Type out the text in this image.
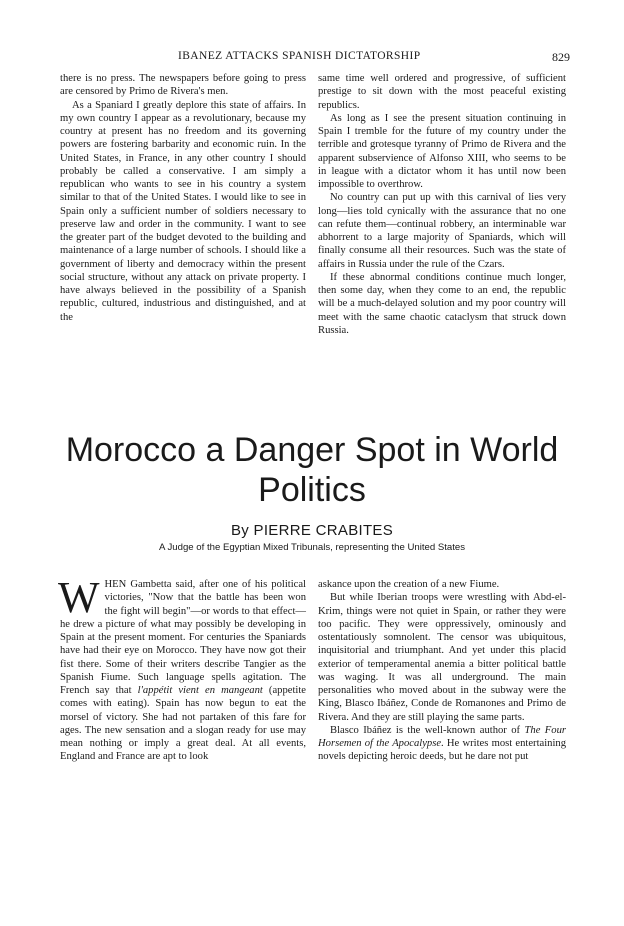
IBANEZ ATTACKS SPANISH DICTATORSHIP	829

there is no press. The newspapers before going to press are censored by Primo de Rivera's men.

As a Spaniard I greatly deplore this state of affairs. In my own country I appear as a revolutionary, because my country at present has no freedom and its governing powers are fostering barbarity and economic ruin. In the United States, in France, in any other country I should probably be called a conservative. I am simply a republican who wants to see in his country a system similar to that of the United States. I would like to see in Spain only a sufficient number of soldiers necessary to preserve law and order in the community. I want to see the greater part of the budget devoted to the building and maintenance of a large number of schools. I should like a government of liberty and democracy within the present social structure, without any attack on private property. I have always believed in the possibility of a Spanish republic, cultured, industrious and distinguished, and at the

same time well ordered and progressive, of sufficient prestige to sit down with the most peaceful existing republics.

As long as I see the present situation continuing in Spain I tremble for the future of my country under the terrible and grotesque tyranny of Primo de Rivera and the apparent subservience of Alfonso XIII, who seems to be in league with a dictator whom it has until now been impossible to overthrow.

No country can put up with this carnival of lies very long—lies told cynically with the assurance that no one can refute them—continual robbery, an interminable war abhorrent to a large majority of Spaniards, which will finally consume all their resources. Such was the state of affairs in Russia under the rule of the Czars.

If these abnormal conditions continue much longer, then some day, when they come to an end, the republic will be a much-delayed solution and my poor country will meet with the same chaotic cataclysm that struck down Russia.

Morocco a Danger Spot in World Politics
By PIERRE CRABITES
A Judge of the Egyptian Mixed Tribunals, representing the United States

WHEN Gambetta said, after one of his political victories, "Now that the battle has been won the fight will begin"—or words to that effect—he drew a picture of what may possibly be developing in Spain at the present moment. For centuries the Spaniards have had their eye on Morocco. They have now got their fist there. Some of their writers describe Tangier as the Spanish Fiume. Such language spells agitation. The French say that l'appétit vient en mangeant (appetite comes with eating). Spain has now begun to eat the morsel of victory. She had not partaken of this fare for ages. The new sensation and a slogan ready for use may mean nothing or imply a great deal. At all events, England and France are apt to look

askance upon the creation of a new Fiume.

But while Iberian troops were wrestling with Abd-el-Krim, things were not quiet in Spain, or rather they were too pacific. They were oppressively, ominously and ostentatiously somnolent. The censor was ubiquitous, inquisitorial and triumphant. And yet under this placid exterior of temperamental anemia a bitter political battle was waging. It was all underground. The main personalities who moved about in the subway were the King, Blasco Ibáñez, Conde de Romanones and Primo de Rivera. And they are still playing the same parts.

Blasco Ibáñez is the well-known author of The Four Horsemen of the Apocalypse. He writes most entertaining novels depicting heroic deeds, but he dare not put
